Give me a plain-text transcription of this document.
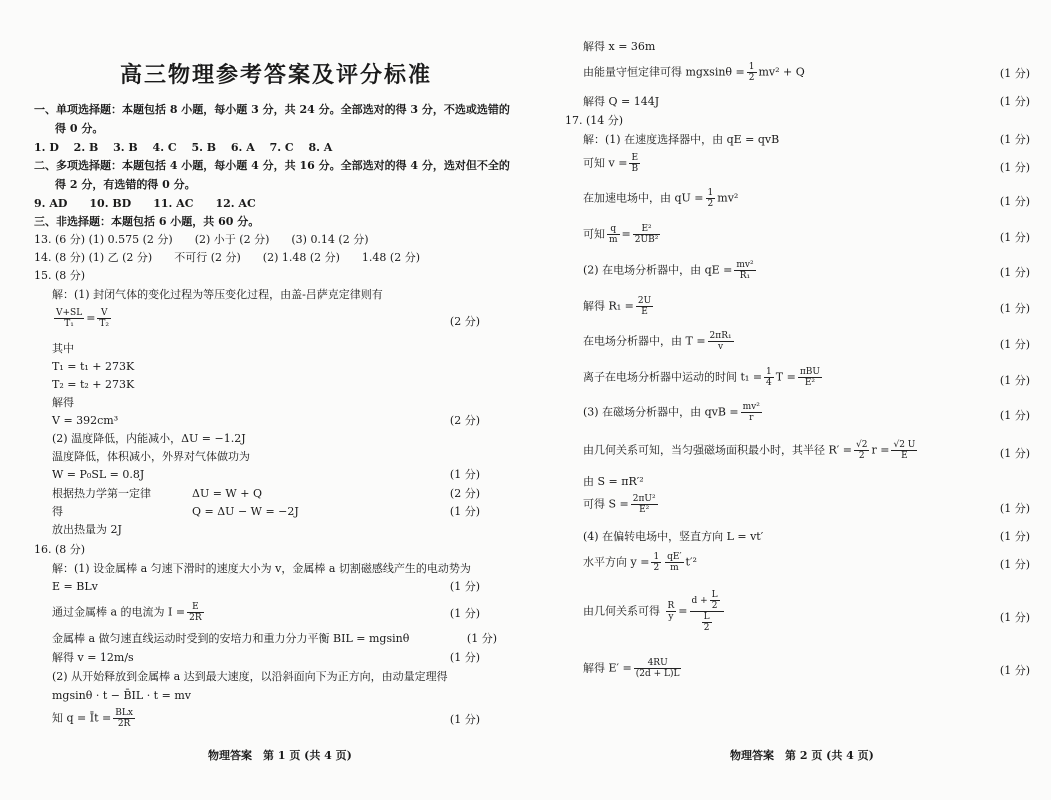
高三物理参考答案及评分标准
一、单项选择题：本题包括 8 小题，每小题 3 分，共 24 分。全部选对的得 3 分，不选或选错的
得 0 分。
1. D　 2. B　 3. B　 4. C　 5. B　 6. A　 7. C　 8. A
二、多项选择题：本题包括 4 小题，每小题 4 分，共 16 分。全部选对的得 4 分，选对但不全的
得 2 分，有选错的得 0 分。
9. AD　　10. BD　　11. AC　　12. AC
三、非选择题：本题包括 6 小题，共 60 分。
13. (6 分) (1) 0.575 (2 分)　　(2) 小于 (2 分)　　(3) 0.14 (2 分)
14. (8 分) (1) 乙 (2 分)　　不可行 (2 分)　　(2) 1.48 (2 分)　　1.48 (2 分)
15. (8 分)
解：(1) 封闭气体的变化过程为等压变化过程，由盖-吕萨克定律则有
$\frac{V+SL}{\text{T₁}} = \frac{V}{\text{T₂}}$	(2 分)
其中
T₁ = t₁ + 273K
T₂ = t₂ + 273K
解得
V = 392cm³	(2 分)
(2) 温度降低，内能减小，ΔU = −1.2J
温度降低，体积减小，外界对气体做功为
W = P₀SL = 0.8J	(1 分)
根据热力学第一定律	ΔU = W + Q	(2 分)
得	Q = ΔU − W = −2J	(1 分)
放出热量为 2J
16. (8 分)
解：(1) 设金属棒 a 匀速下滑时的速度大小为 v，金属棒 a 切割磁感线产生的电动势为
E = BLv	(1 分)
通过金属棒 a 的电流为 $I = \frac{E}{2R}$	(1 分)
金属棒 a 做匀速直线运动时受到的安培力和重力分力平衡 BIL = mgsinθ	(1 分)
解得 v = 12m/s	(1 分)
(2) 从开始释放到金属棒 a 达到最大速度，以沿斜面向下为正方向，由动量定理得
mgsinθ · t − B̄IL · t = mv
知 q = Īt = $\frac{\text{BLx}}{2R}$	(1 分)
物理答案　第 1 页 (共 4 页)
解得 x = 36m
由能量守恒定律可得 $mgxsin\theta = \frac{1}{2} mv^2 + Q$	(1 分)
解得 Q = 144J	(1 分)
17. (14 分)
解：(1) 在速度选择器中，由 qE = qvB	(1 分)
可知 $v = \frac{E}{B}$	(1 分)
在加速电场中，由 qU = $\frac{1}{2} mv^2$	(1 分)
可知 $\frac{q}{m} = \frac{\text{E²}}{\text{2UB²}}$	(1 分)
(2) 在电场分析器中，由 qE = $\frac{\text{mv²}}{\text{R₁}}$	(1 分)
解得 $R_1 = \frac{2U}{E}$	(1 分)
在电场分析器中，由 $T = \frac{\text{2πR₁}}{v}$	(1 分)
离子在电场分析器中运动的时间 $t_1 = \frac{1}{4}$ $T = \frac{\text{πBU}}{\text{E²}}$	(1 分)
(3) 在磁场分析器中，由 qvB = $\frac{\text{mv²}}{r}$	(1 分)
由几何关系可知，当匀强磁场面积最小时，其半径 $R' = \frac{√2}{2}$ $r = \frac{√2 U}{E}$	(1 分)
由 S = πR′²
可得 $S = \frac{\text{2πU²}}{\text{E²}}$	(1 分)
(4) 在偏转电场中，竖直方向 L = vt′	(1 分)
水平方向 $y = \frac{1}{2} \frac{qE'}{m} t'^2$	(1 分)
由几何关系可得 $\frac{R}{y} = \frac{d + \frac{L}{2}}{\frac{L}{2}}$	(1 分)
解得 $E' = \frac{4RU}{(2d + L)L}$	(1 分)
物理答案　第 2 页 (共 4 页)
